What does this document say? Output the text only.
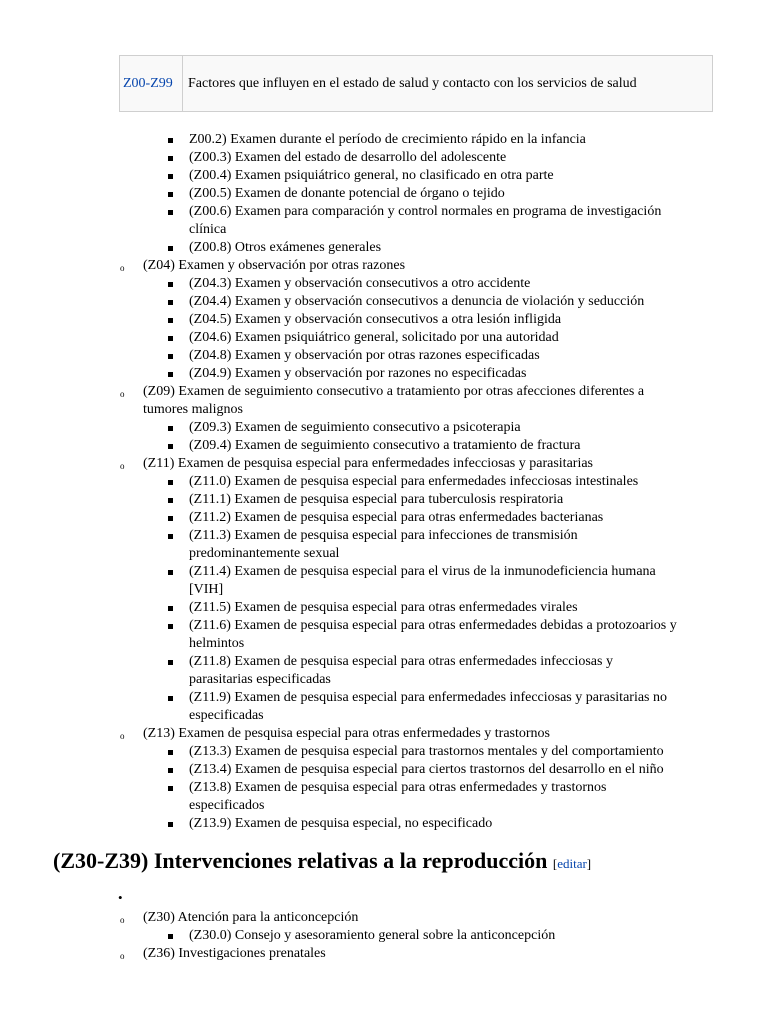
Z00-Z99	Factores que influyen en el estado de salud y contacto con los servicios de salud
Z00.2) Examen durante el período de crecimiento rápido en la infancia
(Z00.3) Examen del estado de desarrollo del adolescente
(Z00.4) Examen psiquiátrico general, no clasificado en otra parte
(Z00.5) Examen de donante potencial de órgano o tejido
(Z00.6) Examen para comparación y control normales en programa de investigación
clínica
(Z00.8) Otros exámenes generales
o (Z04) Examen y observación por otras razones
(Z04.3) Examen y observación consecutivos a otro accidente
(Z04.4) Examen y observación consecutivos a denuncia de violación y seducción
(Z04.5) Examen y observación consecutivos a otra lesión infligida
(Z04.6) Examen psiquiátrico general, solicitado por una autoridad
(Z04.8) Examen y observación por otras razones especificadas
(Z04.9) Examen y observación por razones no especificadas
o (Z09) Examen de seguimiento consecutivo a tratamiento por otras afecciones diferentes a
tumores malignos
(Z09.3) Examen de seguimiento consecutivo a psicoterapia
(Z09.4) Examen de seguimiento consecutivo a tratamiento de fractura
o (Z11) Examen de pesquisa especial para enfermedades infecciosas y parasitarias
(Z11.0) Examen de pesquisa especial para enfermedades infecciosas intestinales
(Z11.1) Examen de pesquisa especial para tuberculosis respiratoria
(Z11.2) Examen de pesquisa especial para otras enfermedades bacterianas
(Z11.3) Examen de pesquisa especial para infecciones de transmisión
predominantemente sexual
(Z11.4) Examen de pesquisa especial para el virus de la inmunodeficiencia humana
[VIH]
(Z11.5) Examen de pesquisa especial para otras enfermedades virales
(Z11.6) Examen de pesquisa especial para otras enfermedades debidas a protozoarios y
helmintos
(Z11.8) Examen de pesquisa especial para otras enfermedades infecciosas y
parasitarias especificadas
(Z11.9) Examen de pesquisa especial para enfermedades infecciosas y parasitarias no
especificadas
o (Z13) Examen de pesquisa especial para otras enfermedades y trastornos
(Z13.3) Examen de pesquisa especial para trastornos mentales y del comportamiento
(Z13.4) Examen de pesquisa especial para ciertos trastornos del desarrollo en el niño
(Z13.8) Examen de pesquisa especial para otras enfermedades y trastornos
especificados
(Z13.9) Examen de pesquisa especial, no especificado
(Z30-Z39) Intervenciones relativas a la reproducción [editar]
•
o (Z30) Atención para la anticoncepción
(Z30.0) Consejo y asesoramiento general sobre la anticoncepción
o (Z36) Investigaciones prenatales
